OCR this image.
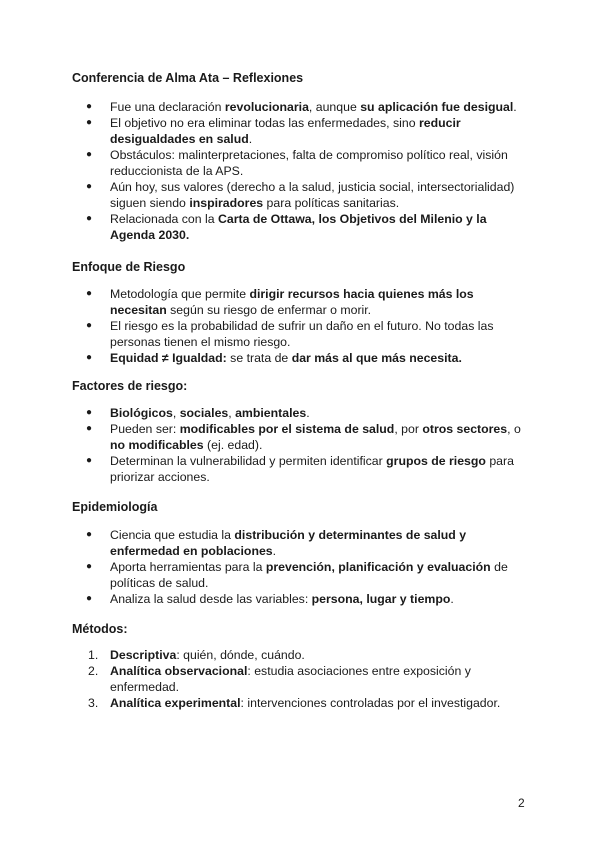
Conferencia de Alma Ata – Reflexiones
● Fue una declaración revolucionaria, aunque su aplicación fue desigual.
● El objetivo no era eliminar todas las enfermedades, sino reducir desigualdades en salud.
● Obstáculos: malinterpretaciones, falta de compromiso político real, visión reduccionista de la APS.
● Aún hoy, sus valores (derecho a la salud, justicia social, intersectorialidad) siguen siendo inspiradores para políticas sanitarias.
● Relacionada con la Carta de Ottawa, los Objetivos del Milenio y la Agenda 2030.
Enfoque de Riesgo
● Metodología que permite dirigir recursos hacia quienes más los necesitan según su riesgo de enfermar o morir.
● El riesgo es la probabilidad de sufrir un daño en el futuro. No todas las personas tienen el mismo riesgo.
● Equidad ≠ Igualdad: se trata de dar más al que más necesita.
Factores de riesgo:
● Biológicos, sociales, ambientales.
● Pueden ser: modificables por el sistema de salud, por otros sectores, o no modificables (ej. edad).
● Determinan la vulnerabilidad y permiten identificar grupos de riesgo para priorizar acciones.
Epidemiología
● Ciencia que estudia la distribución y determinantes de salud y enfermedad en poblaciones.
● Aporta herramientas para la prevención, planificación y evaluación de políticas de salud.
● Analiza la salud desde las variables: persona, lugar y tiempo.
Métodos:
1. Descriptiva: quién, dónde, cuándo.
2. Analítica observacional: estudia asociaciones entre exposición y enfermedad.
3. Analítica experimental: intervenciones controladas por el investigador.
2
